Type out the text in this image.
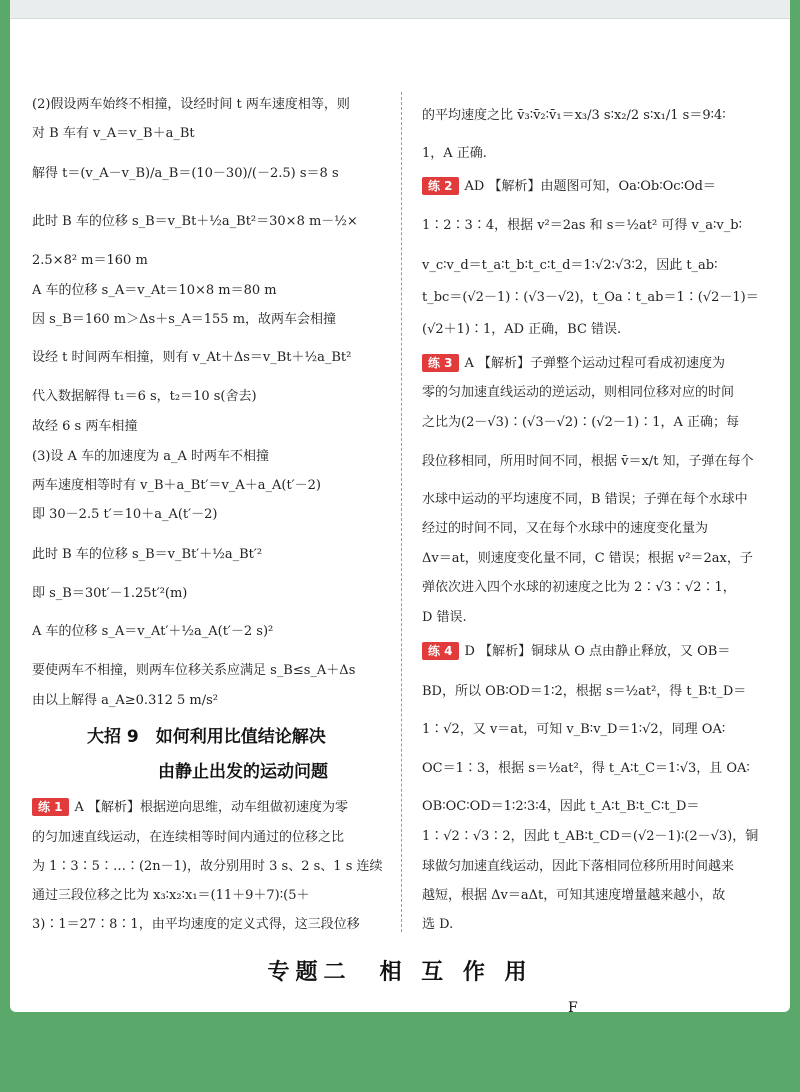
(2)假设两车始终不相撞，设经时间 t 两车速度相等，则
对 B 车有 v_A＝v_B＋a_Bt
解得 t＝(v_A－v_B)/a_B＝(10－30)/(－2.5) s＝8 s
此时 B 车的位移 s_B＝v_Bt＋½a_Bt²＝30×8 m－½×
2.5×8² m＝160 m
A 车的位移 s_A＝v_At＝10×8 m＝80 m
因 s_B＝160 m＞Δs＋s_A＝155 m，故两车会相撞
设经 t 时间两车相撞，则有 v_At＋Δs＝v_Bt＋½a_Bt²
代入数据解得 t₁＝6 s，t₂＝10 s(舍去)
故经 6 s 两车相撞
(3)设 A 车的加速度为 a_A 时两车不相撞
两车速度相等时有 v_B＋a_Bt′＝v_A＋a_A(t′－2)
即 30－2.5 t′＝10＋a_A(t′－2)
此时 B 车的位移 s_B＝v_Bt′＋½a_Bt′²
即 s_B＝30t′－1.25t′²(m)
A 车的位移 s_A＝v_At′＋½a_A(t′－2 s)²
要使两车不相撞，则两车位移关系应满足 s_B≤s_A＋Δs
由以上解得 a_A≥0.312 5 m/s²
大招 9　如何利用比值结论解决
由静止出发的运动问题
练 1 A 【解析】根据逆向思维，动车组做初速度为零
的匀加速直线运动，在连续相等时间内通过的位移之比
为 1∶3∶5∶…∶(2n－1)，故分别用时 3 s、2 s、1 s 连续
通过三段位移之比为 x₃∶x₂∶x₁＝(11＋9＋7)∶(5＋
3)∶1＝27∶8∶1，由平均速度的定义式得，这三段位移
的平均速度之比 v̄₃∶v̄₂∶v̄₁＝x₃/3 s∶x₂/2 s∶x₁/1 s＝9∶4∶
1，A 正确.
练 2 AD 【解析】由题图可知，Oa∶Ob∶Oc∶Od＝
1∶2∶3∶4，根据 v²＝2as 和 s＝½at² 可得 v_a∶v_b∶
v_c∶v_d＝t_a∶t_b∶t_c∶t_d＝1∶√2∶√3∶2，因此 t_ab∶
t_bc＝(√2－1)∶(√3－√2)，t_Oa∶t_ab＝1∶(√2－1)＝
(√2＋1)∶1，AD 正确，BC 错误.
练 3 A 【解析】子弹整个运动过程可看成初速度为
零的匀加速直线运动的逆运动，则相同位移对应的时间
之比为(2－√3)∶(√3－√2)∶(√2－1)∶1，A 正确；每
段位移相同，所用时间不同，根据 v̄＝x/t 知，子弹在每个
水球中运动的平均速度不同，B 错误；子弹在每个水球中
经过的时间不同，又在每个水球中的速度变化量为
Δv＝at，则速度变化量不同，C 错误；根据 v²＝2ax，子
弹依次进入四个水球的初速度之比为 2∶√3∶√2∶1，
D 错误.
练 4 D 【解析】铜球从 O 点由静止释放，又 OB＝
BD，所以 OB∶OD＝1∶2，根据 s＝½at²，得 t_B∶t_D＝
1∶√2，又 v＝at，可知 v_B∶v_D＝1∶√2，同理 OA∶
OC＝1∶3，根据 s＝½at²，得 t_A∶t_C＝1∶√3，且 OA∶
OB∶OC∶OD＝1∶2∶3∶4，因此 t_A∶t_B∶t_C∶t_D＝
1∶√2∶√3∶2，因此 t_AB∶t_CD＝(√2－1)∶(2－√3)，铜
球做匀加速直线运动，因此下落相同位移所用时间越来
越短，根据 Δv＝aΔt，可知其速度增量越来越小，故
选 D.
专题二　相 互 作 用
F
